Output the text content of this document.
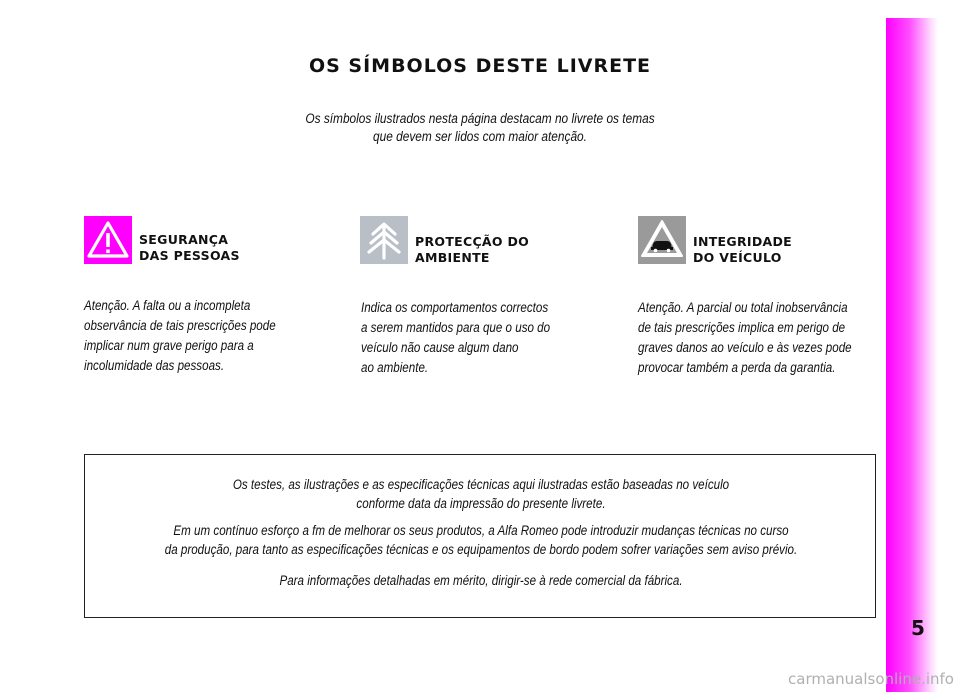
5
OS SÍMBOLOS DESTE LIVRETE
Os símbolos ilustrados nesta página destacam no livrete os temas
que devem ser lidos com maior atenção.
SEGURANÇA
DAS PESSOAS
Atenção. A falta ou a incompleta
observância de tais prescrições pode
implicar num grave perigo para a
incolumidade das pessoas.
PROTECÇÃO DO
AMBIENTE
Indica os comportamentos correctos
a serem mantidos para que o uso do
veículo não cause algum dano
ao ambiente.
INTEGRIDADE
DO VEÍCULO
Atenção. A parcial ou total inobservância
de tais prescrições implica em perigo de
graves danos ao veículo e às vezes pode
provocar também a perda da garantia.

Os testes, as ilustrações e as especificações técnicas aqui ilustradas estão baseadas no veículo
conforme data da impressão do presente livrete.

Em um contínuo esforço a fm de melhorar os seus produtos, a Alfa Romeo pode introduzir mudanças técnicas no curso
da produção, para tanto as especificações técnicas e os equipamentos de bordo podem sofrer variações sem aviso prévio.

Para informações detalhadas em mérito, dirigir-se à rede comercial da fábrica.

carmanualsonline.info
